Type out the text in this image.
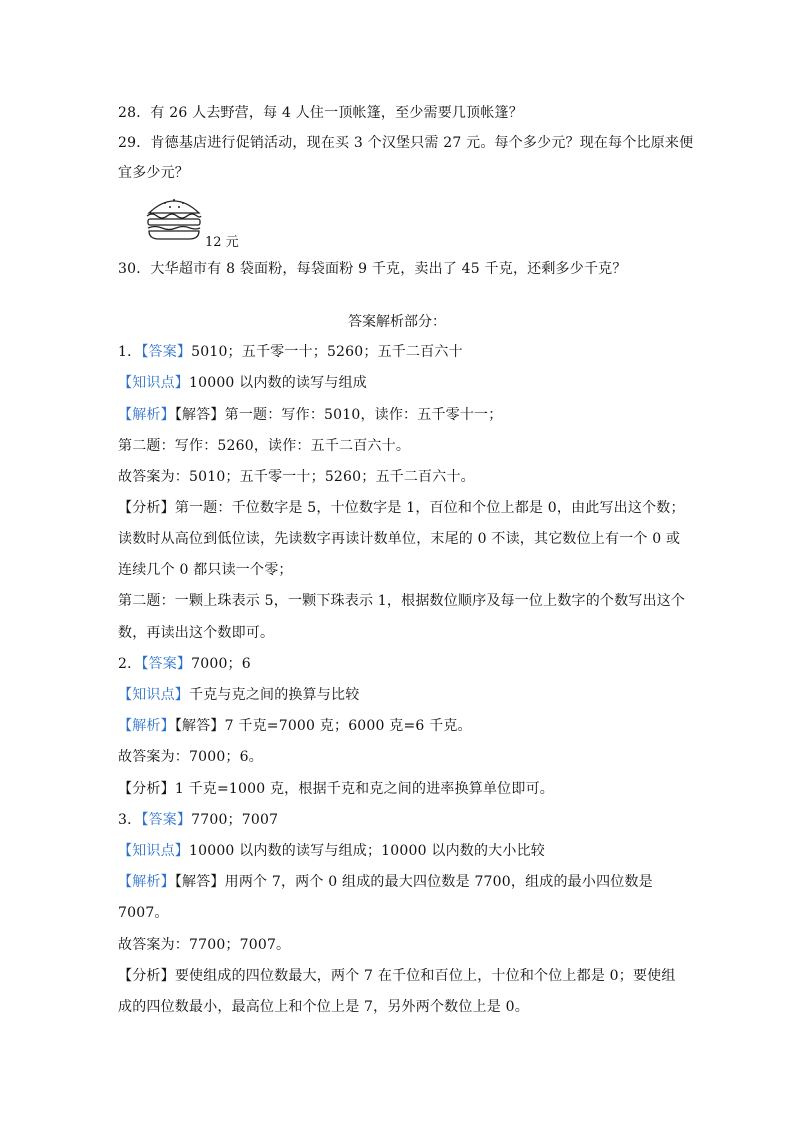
28．有 26 人去野营，每 4 人住一顶帐篷，至少需要几顶帐篷？
29．肯德基店进行促销活动，现在买 3 个汉堡只需 27 元。每个多少元？现在每个比原来便
宜多少元？
12 元
30．大华超市有 8 袋面粉，每袋面粉 9 千克，卖出了 45 千克，还剩多少千克？
答案解析部分：
1．【答案】5010；五千零一十；5260；五千二百六十
【知识点】10000 以内数的读写与组成
【解析】【解答】第一题：写作：5010，读作：五千零十一；
第二题：写作：5260，读作：五千二百六十。
故答案为：5010；五千零一十；5260；五千二百六十。
【分析】第一题：千位数字是 5，十位数字是 1，百位和个位上都是 0，由此写出这个数；
读数时从高位到低位读，先读数字再读计数单位，末尾的 0 不读，其它数位上有一个 0 或
连续几个 0 都只读一个零；
第二题：一颗上珠表示 5，一颗下珠表示 1，根据数位顺序及每一位上数字的个数写出这个
数，再读出这个数即可。
2．【答案】7000；6
【知识点】千克与克之间的换算与比较
【解析】【解答】7 千克=7000 克；6000 克=6 千克。
故答案为：7000；6。
【分析】1 千克=1000 克，根据千克和克之间的进率换算单位即可。
3．【答案】7700；7007
【知识点】10000 以内数的读写与组成；10000 以内数的大小比较
【解析】【解答】用两个 7，两个 0 组成的最大四位数是 7700，组成的最小四位数是
7007。
故答案为：7700；7007。
【分析】要使组成的四位数最大，两个 7 在千位和百位上，十位和个位上都是 0；要使组
成的四位数最小，最高位上和个位上是 7，另外两个数位上是 0。
